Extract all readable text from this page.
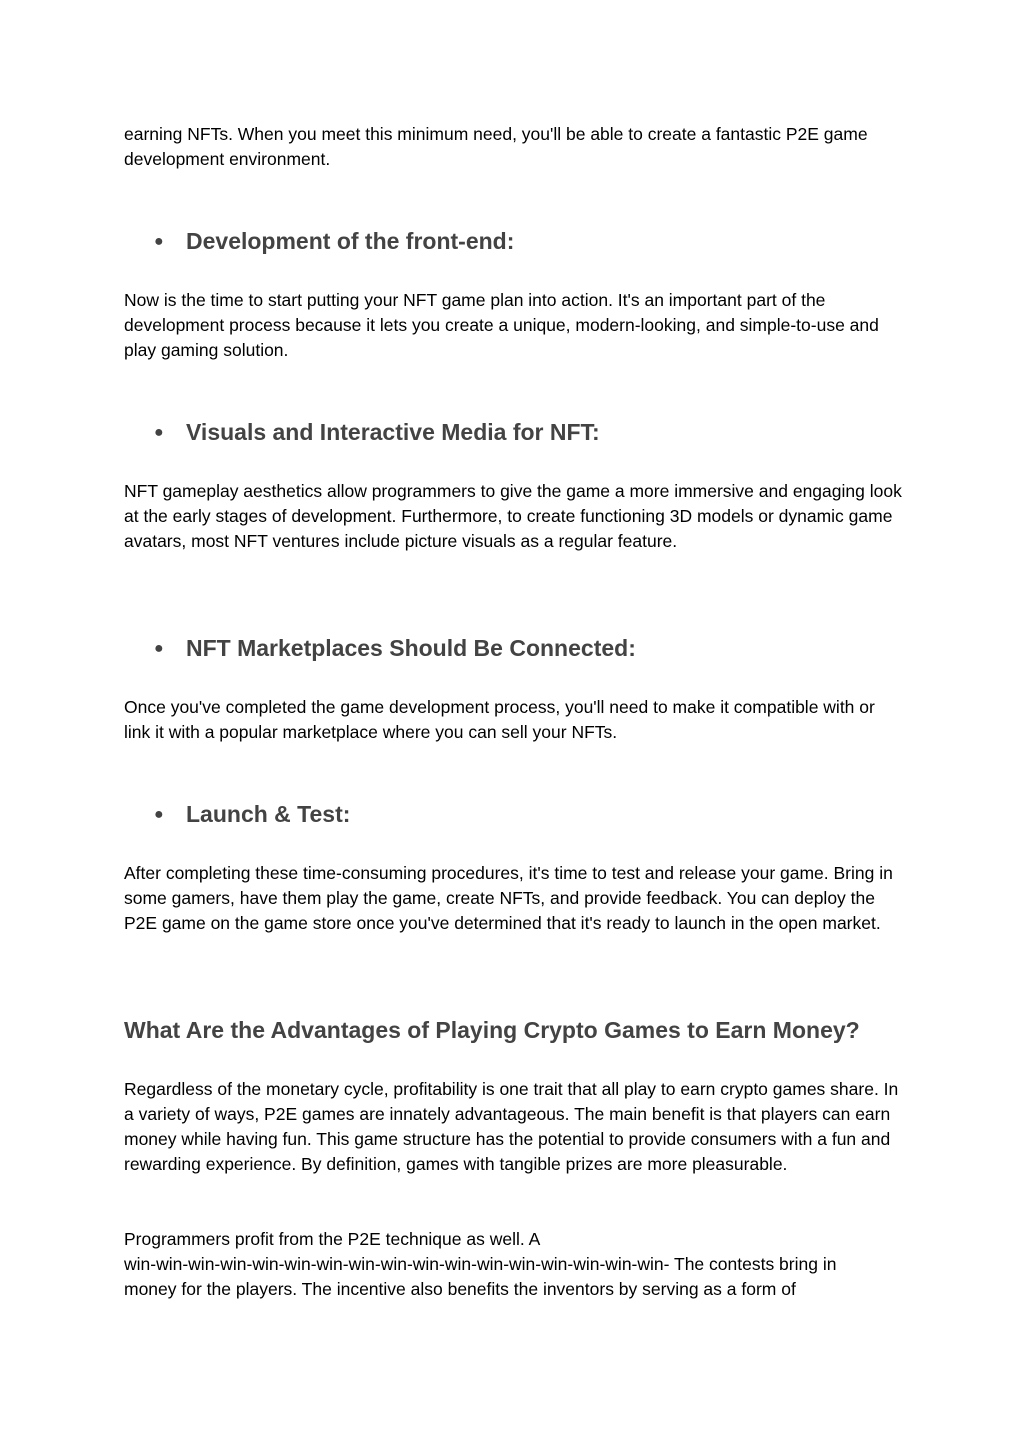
earning NFTs. When you meet this minimum need, you'll be able to create a fantastic P2E game development environment.

● Development of the front-end:

Now is the time to start putting your NFT game plan into action. It's an important part of the development process because it lets you create a unique, modern-looking, and simple-to-use and play gaming solution.

● Visuals and Interactive Media for NFT:

NFT gameplay aesthetics allow programmers to give the game a more immersive and engaging look at the early stages of development. Furthermore, to create functioning 3D models or dynamic game avatars, most NFT ventures include picture visuals as a regular feature.

● NFT Marketplaces Should Be Connected:

Once you've completed the game development process, you'll need to make it compatible with or link it with a popular marketplace where you can sell your NFTs.

● Launch & Test:

After completing these time-consuming procedures, it's time to test and release your game. Bring in some gamers, have them play the game, create NFTs, and provide feedback. You can deploy the P2E game on the game store once you've determined that it's ready to launch in the open market.

What Are the Advantages of Playing Crypto Games to Earn Money?

Regardless of the monetary cycle, profitability is one trait that all play to earn crypto games share. In a variety of ways, P2E games are innately advantageous. The main benefit is that players can earn money while having fun. This game structure has the potential to provide consumers with a fun and rewarding experience. By definition, games with tangible prizes are more pleasurable.

Programmers profit from the P2E technique as well. A
win-win-win-win-win-win-win-win-win-win-win-win-win-win-win-win-win- The contests bring in
money for the players. The incentive also benefits the inventors by serving as a form of
